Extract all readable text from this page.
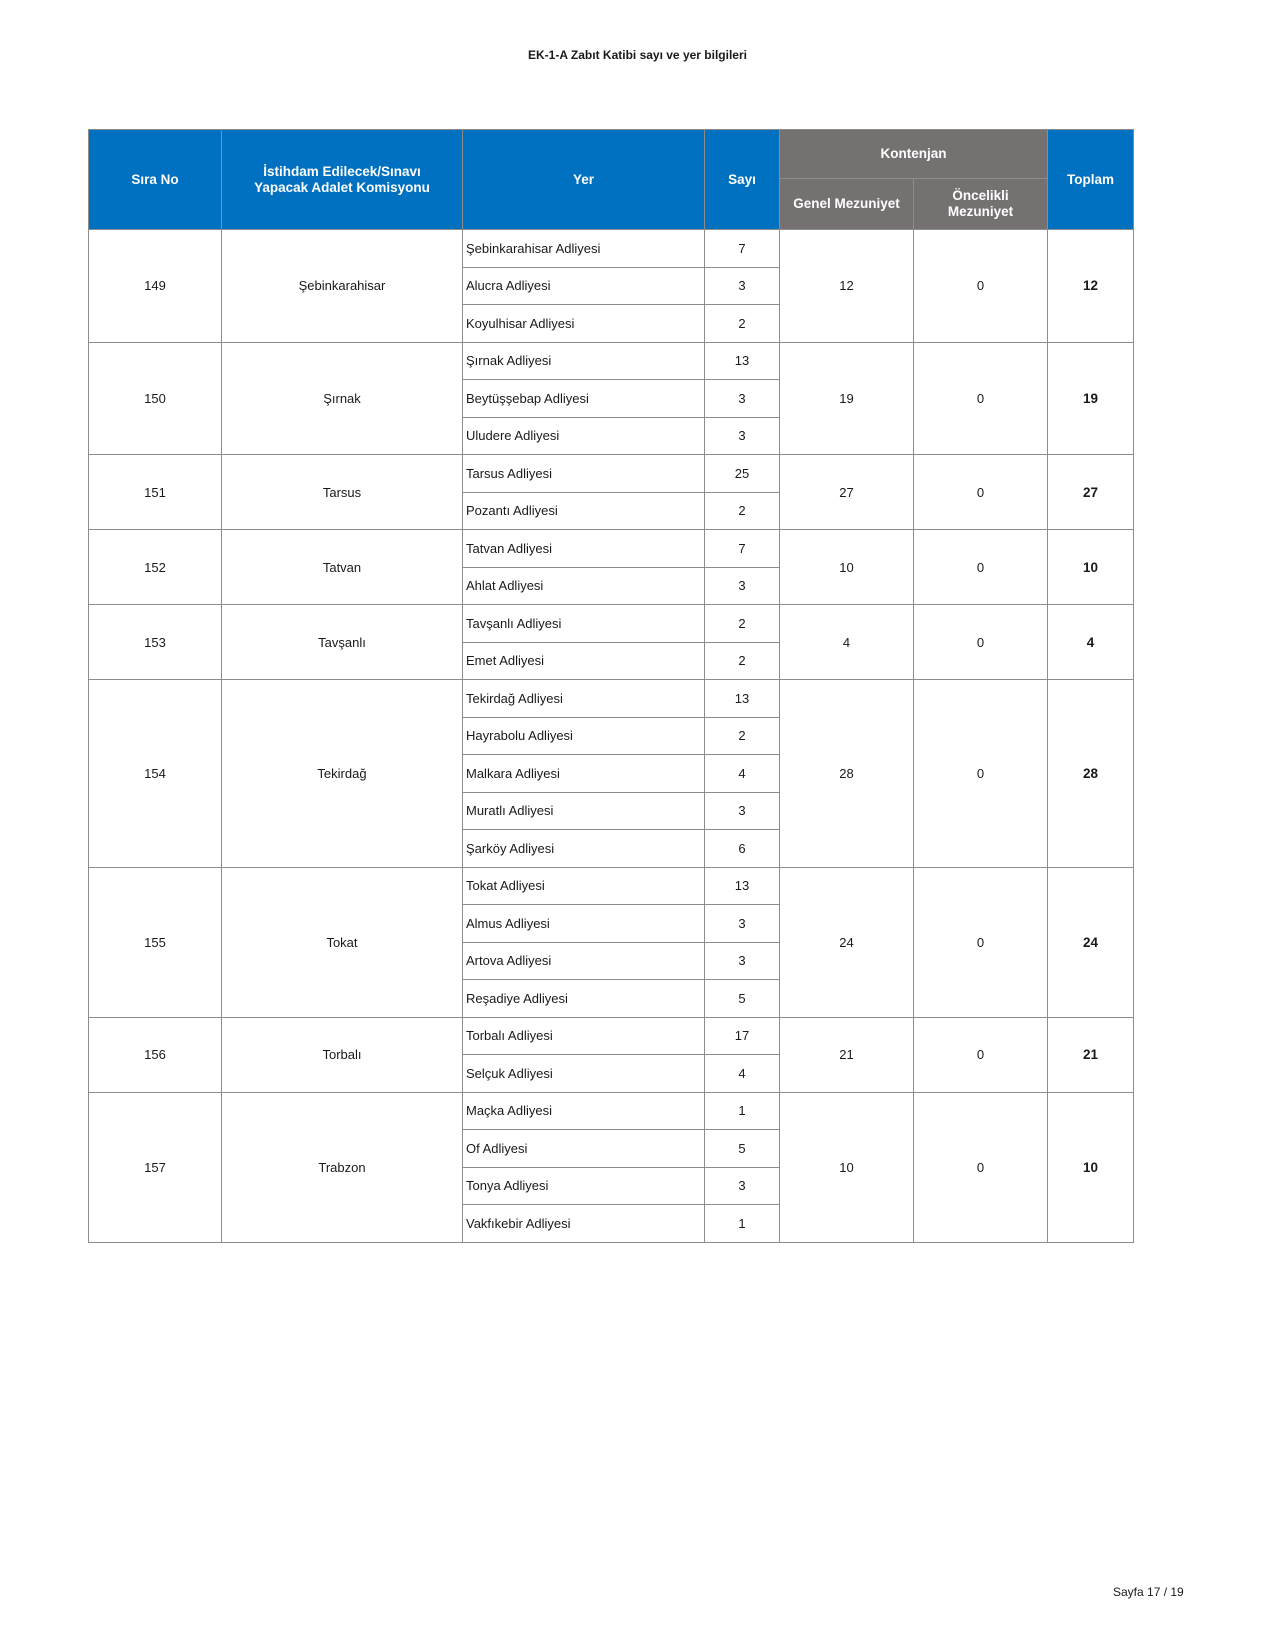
EK-1-A Zabıt Katibi sayı ve yer bilgileri
Sıra No	İstihdam Edilecek/Sınavı Yapacak Adalet Komisyonu	Yer	Sayı	Kontenjan		Toplam
				Genel Mezuniyet	Öncelikli Mezuniyet	
149	Şebinkarahisar	Şebinkarahisar Adliyesi	7	12	0	12
		Alucra Adliyesi	3			
		Koyulhisar Adliyesi	2			
150	Şırnak	Şırnak Adliyesi	13	19	0	19
		Beytüşşebap Adliyesi	3			
		Uludere Adliyesi	3			
151	Tarsus	Tarsus Adliyesi	25	27	0	27
		Pozantı Adliyesi	2			
152	Tatvan	Tatvan Adliyesi	7	10	0	10
		Ahlat Adliyesi	3			
153	Tavşanlı	Tavşanlı Adliyesi	2	4	0	4
		Emet Adliyesi	2			
154	Tekirdağ	Tekirdağ Adliyesi	13	28	0	28
		Hayrabolu Adliyesi	2			
		Malkara Adliyesi	4			
		Muratlı Adliyesi	3			
		Şarköy Adliyesi	6			
155	Tokat	Tokat Adliyesi	13	24	0	24
		Almus Adliyesi	3			
		Artova Adliyesi	3			
		Reşadiye Adliyesi	5			
156	Torbalı	Torbalı Adliyesi	17	21	0	21
		Selçuk Adliyesi	4			
157	Trabzon	Maçka Adliyesi	1	10	0	10
		Of Adliyesi	5			
		Tonya Adliyesi	3			
		Vakfıkebir Adliyesi	1			
Sayfa 17 / 19
